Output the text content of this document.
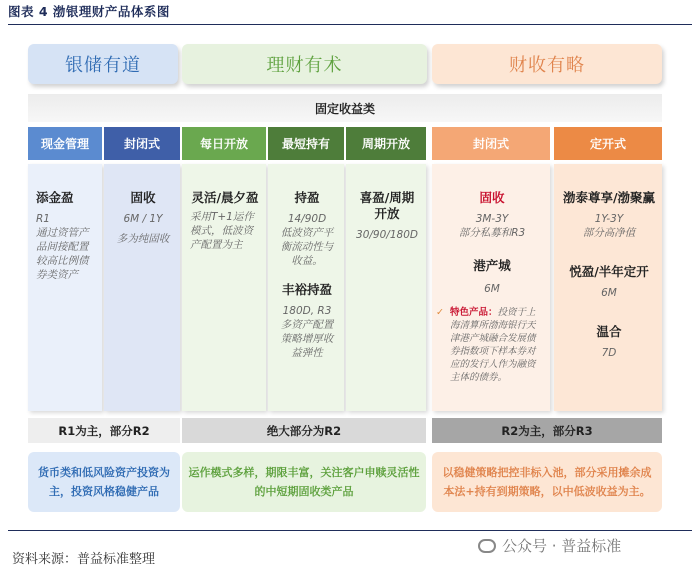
图表 4 渤银理财产品体系图
银储有道	理财有术	财收有略
固定收益类
现金管理	封闭式	每日开放	最短持有	周期开放	封闭式	定开式
添金盈
R1
通过资管产品间接配置较高比例债券类资产
固收
6M / 1Y
多为纯固收
灵活/晨夕盈
采用T+1运作模式，低波资产配置为主
持盈
14/90D
低波资产平衡流动性与收益。
丰裕持盈
180D, R3
多资产配置策略增厚收益弹性
喜盈/周期开放
30/90/180D
固收
3M-3Y
部分私募和R3
港产城
6M
✓ 特色产品：投资于上海清算所渤海银行天津港产城融合发展债券指数项下样本券对应的发行人作为融资主体的债券。
渤泰尊享/渤聚赢
1Y-3Y
部分高净值
悦盈/半年定开
6M
温合
7D
R1为主，部分R2	绝大部分为R2	R2为主，部分R3
货币类和低风险资产投资为主，投资风格稳健产品
运作模式多样，期限丰富，关注客户申赎灵活性的中短期固收类产品
以稳健策略把控非标入池，部分采用摊余成本法+持有到期策略，以中低波收益为主。
资料来源：普益标准整理
公众号 · 普益标准
